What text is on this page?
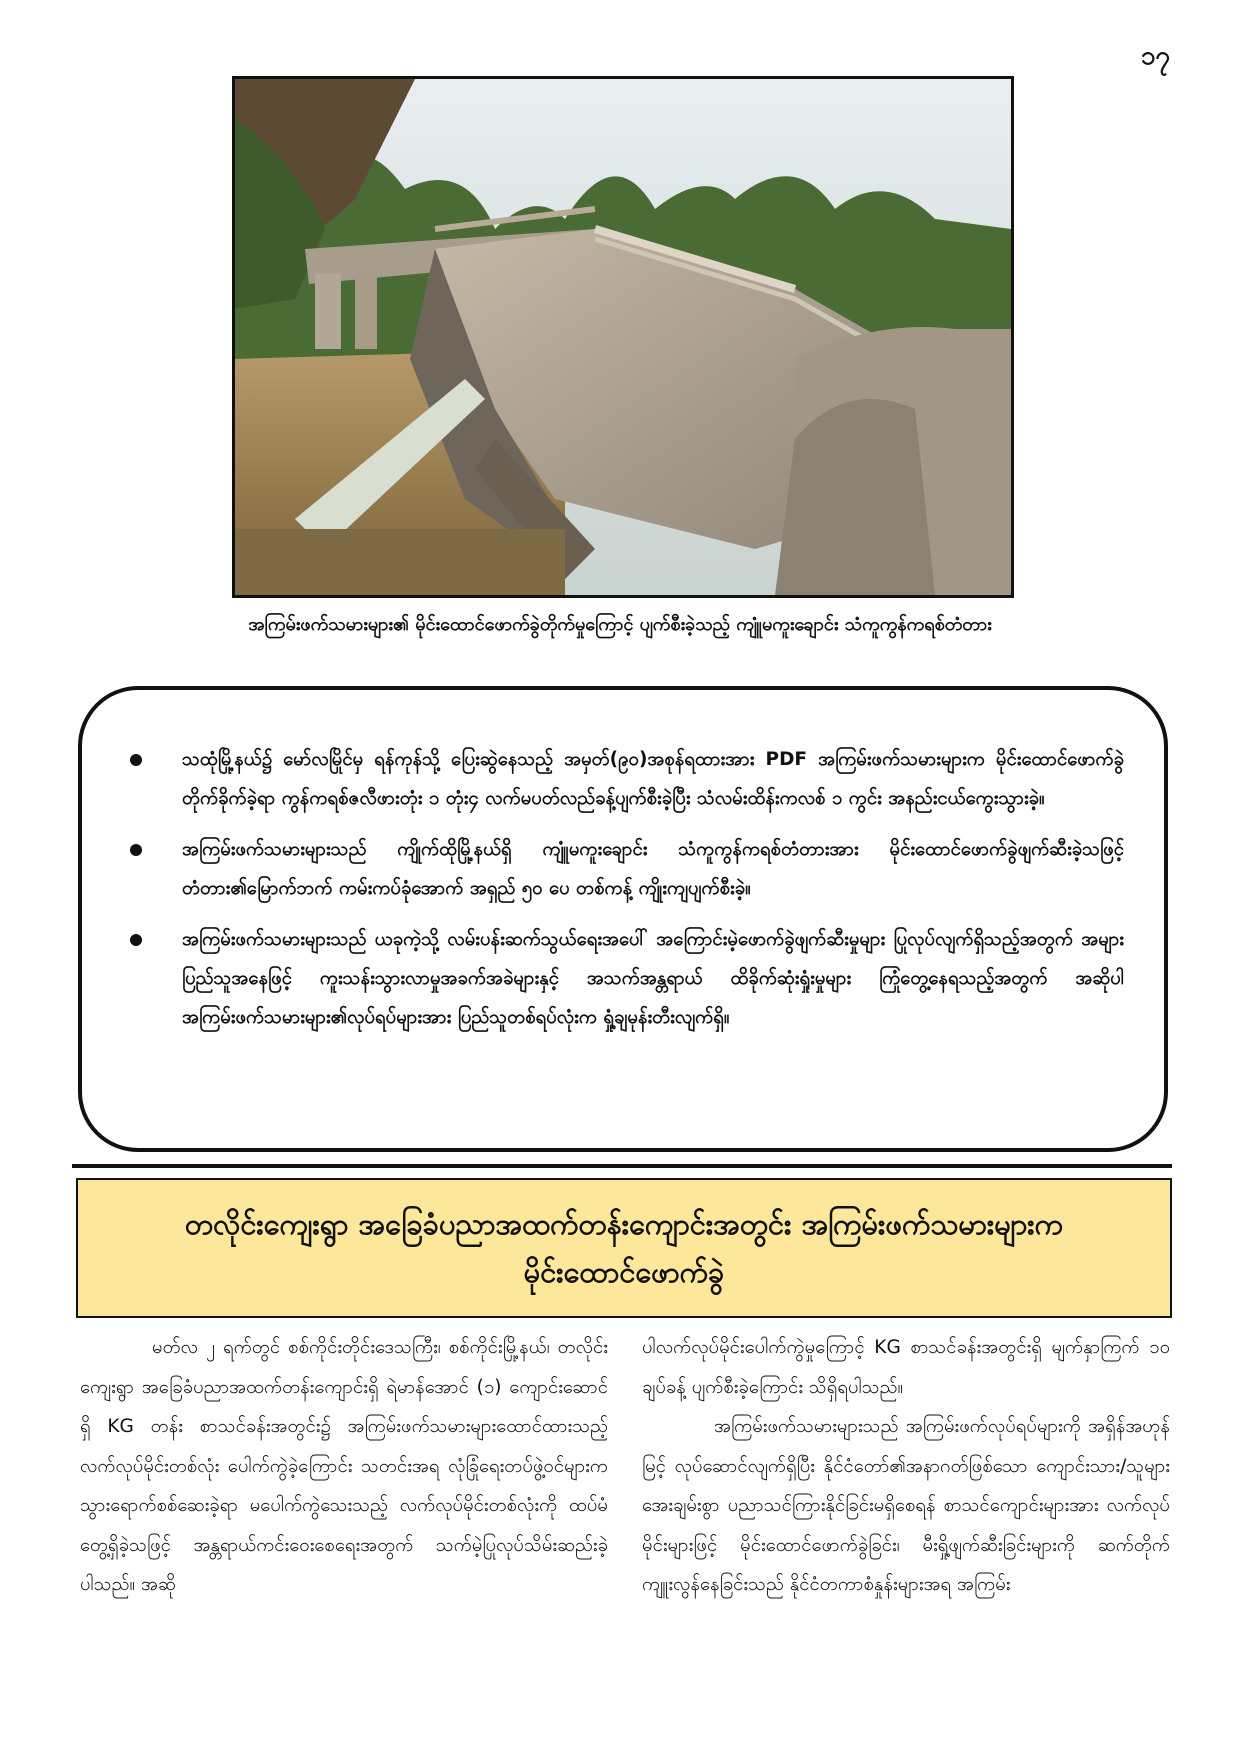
၁၇
အကြမ်းဖက်သမားများ၏ မိုင်းထောင်ဖောက်ခွဲတိုက်မှုကြောင့် ပျက်စီးခဲ့သည့် ကျူံမကူးချောင်း သံကူကွန်ကရစ်တံတား
သထုံမြို့နယ်၌ မော်လမြိုင်မှ ရန်ကုန်သို့ ပြေးဆွဲနေသည့် အမှတ်(၉၀)အစုန်ရထားအား PDF အကြမ်းဖက်သမားများက မိုင်းထောင်ဖောက်ခွဲတိုက်ခိုက်ခဲ့ရာ ကွန်ကရစ်ဇလီဖားတုံး ၁ တုံး၄ လက်မပတ်လည်ခန့်ပျက်စီးခဲ့ပြီး သံလမ်းထိန်းကလစ် ၁ ကွင်း အနည်းငယ်ကွေးသွားခဲ့။
အကြမ်းဖက်သမားများသည် ကျိုက်ထိုမြို့နယ်ရှိ ကျူံမကူးချောင်း သံကူကွန်ကရစ်တံတားအား မိုင်းထောင်ဖောက်ခွဲဖျက်ဆီးခဲ့သဖြင့် တံတား၏မြောက်ဘက် ကမ်းကပ်ခုံအောက် အရှည် ၅၀ ပေ တစ်ကန့် ကျိုးကျပျက်စီးခဲ့။
အကြမ်းဖက်သမားများသည် ယခုကဲ့သို့ လမ်းပန်းဆက်သွယ်ရေးအပေါ် အကြောင်းမဲ့ဖောက်ခွဲဖျက်ဆီးမှုများ ပြုလုပ်လျက်ရှိသည့်အတွက် အများပြည်သူအနေဖြင့် ကူးသန်းသွားလာမှုအခက်အခဲများနှင့် အသက်အန္တရာယ် ထိခိုက်ဆုံးရှုံးမှုများ ကြုံတွေ့နေရသည့်အတွက် အဆိုပါအကြမ်းဖက်သမားများ၏လုပ်ရပ်များအား ပြည်သူတစ်ရပ်လုံးက ရှုံ့ချမုန်းတီးလျက်ရှိ။
တလိုင်းကျေးရွာ အခြေခံပညာအထက်တန်းကျောင်းအတွင်း အကြမ်းဖက်သမားများက
မိုင်းထောင်ဖောက်ခွဲ

မတ်လ ၂ ရက်တွင် စစ်ကိုင်းတိုင်းဒေသကြီး၊ စစ်ကိုင်းမြို့နယ်၊ တလိုင်းကျေးရွာ အခြေခံပညာအထက်တန်းကျောင်းရှိ ရဲမာန်အောင် (၁) ကျောင်းဆောင်ရှိ KG တန်း စာသင်ခန်းအတွင်း၌ အကြမ်းဖက်သမားများထောင်ထားသည့် လက်လုပ်မိုင်းတစ်လုံး ပေါက်ကွဲခဲ့ကြောင်း သတင်းအရ လုံခြုံရေးတပ်ဖွဲ့ဝင်များက သွားရောက်စစ်ဆေးခဲ့ရာ မပေါက်ကွဲသေးသည့် လက်လုပ်မိုင်းတစ်လုံးကို ထပ်မံတွေ့ရှိခဲ့သဖြင့် အန္တရာယ်ကင်းဝေးစေရေးအတွက် သက်မဲ့ပြုလုပ်သိမ်းဆည်းခဲ့ပါသည်။ အဆို

ပါလက်လုပ်မိုင်းပေါက်ကွဲမှုကြောင့် KG စာသင်ခန်းအတွင်းရှိ မျက်နှာကြက် ၁၀ ချပ်ခန့် ပျက်စီးခဲ့ကြောင်း သိရှိရပါသည်။

အကြမ်းဖက်သမားများသည် အကြမ်းဖက်လုပ်ရပ်များကို အရှိန်အဟုန်မြင့် လုပ်ဆောင်လျက်ရှိပြီး နိုင်ငံတော်၏အနာဂတ်ဖြစ်သော ကျောင်းသား/သူများ အေးချမ်းစွာ ပညာသင်ကြားနိုင်ခြင်းမရှိစေရန် စာသင်ကျောင်းများအား လက်လုပ်မိုင်းများဖြင့် မိုင်းထောင်ဖောက်ခွဲခြင်း၊ မီးရှို့ဖျက်ဆီးခြင်းများကို ဆက်တိုက်ကျူးလွန်နေခြင်းသည် နိုင်ငံတကာစံနှုန်းများအရ အကြမ်း
